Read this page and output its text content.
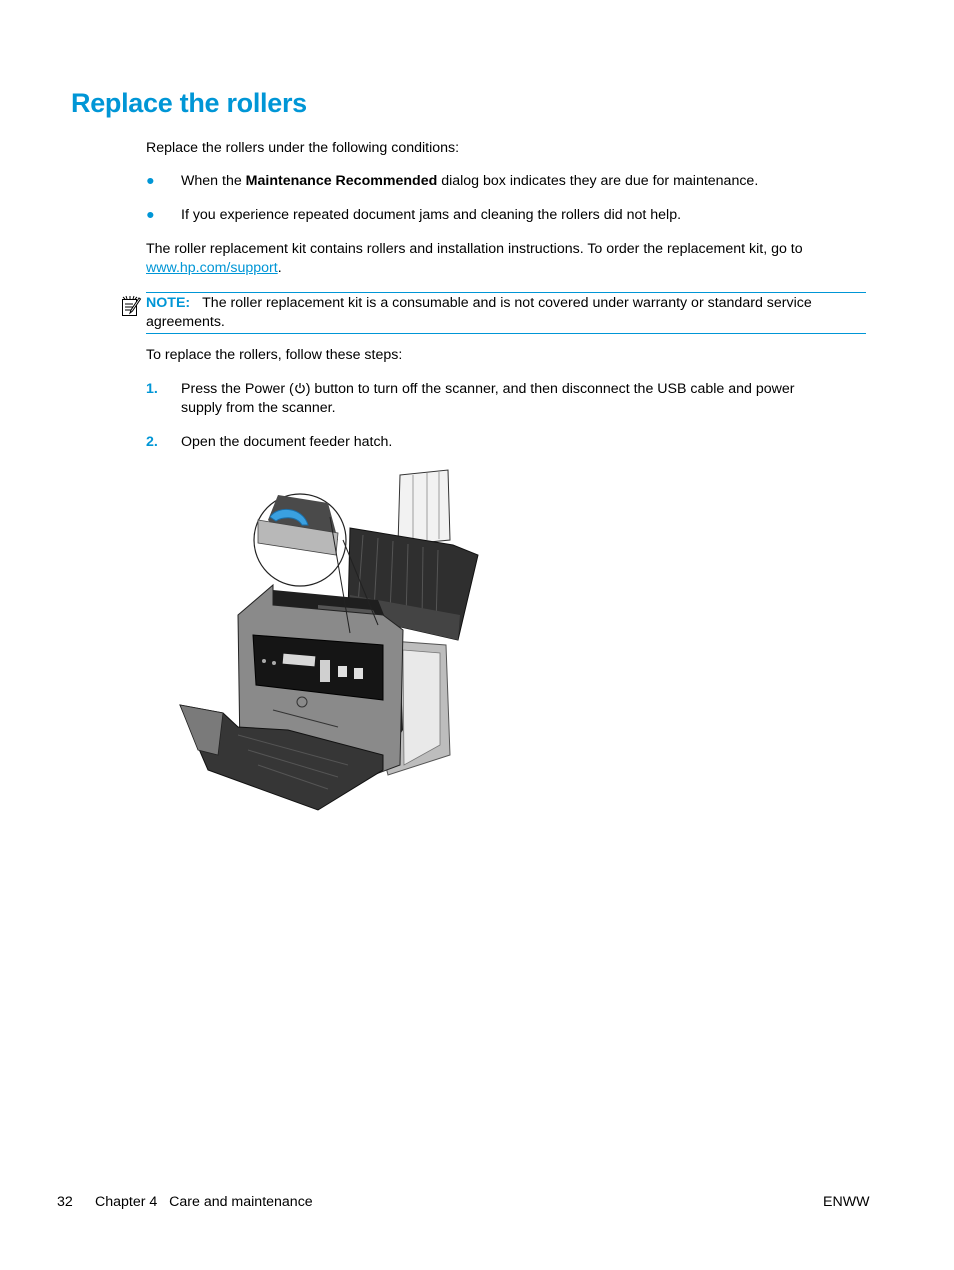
Replace the rollers
Replace the rollers under the following conditions:
● When the Maintenance Recommended dialog box indicates they are due for maintenance.
● If you experience repeated document jams and cleaning the rollers did not help.
The roller replacement kit contains rollers and installation instructions. To order the replacement kit, go to
www.hp.com/support.
NOTE: The roller replacement kit is a consumable and is not covered under warranty or standard service
agreements.
To replace the rollers, follow these steps:
1. Press the Power ( ) button to turn off the scanner, and then disconnect the USB cable and power
supply from the scanner.
2. Open the document feeder hatch.
32 Chapter 4   Care and maintenance	ENWW
